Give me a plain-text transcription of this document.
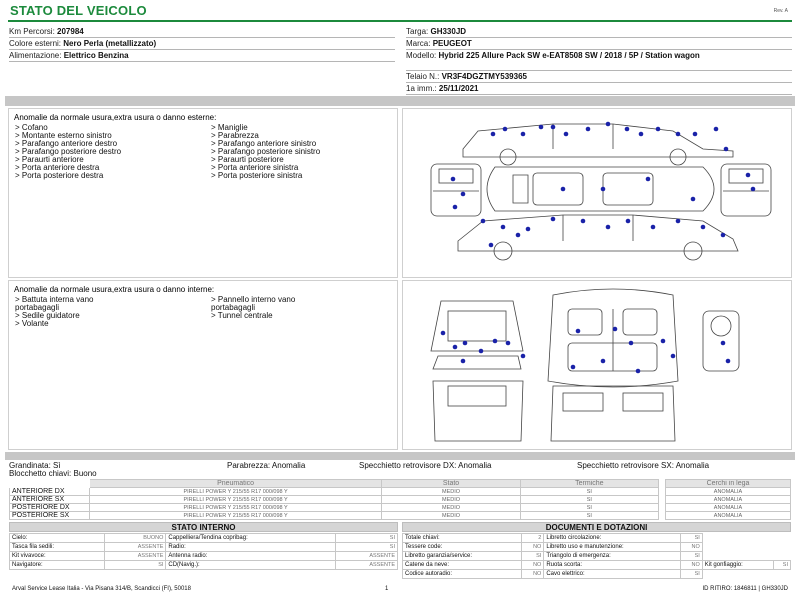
STATO DEL VEICOLO	Rev. A
Km Percorsi: 207984
Colore esterni: Nero Perla (metallizzato)
Alimentazione: Elettrico Benzina
Targa: GH330JD
Marca: PEUGEOT
Modello: Hybrid 225 Allure Pack SW e-EAT8508 SW / 2018 / 5P / Station wagon
Telaio N.: VR3F4DGZTMY539365
1a imm.: 25/11/2021
Anomalie da normale usura,extra usura o danno esterne:
> Cofano
> Montante esterno sinistro
> Parafango anteriore destro
> Parafango posteriore destro
> Paraurti anteriore
> Porta anteriore destra
> Porta posteriore destra
> Maniglie
> Parabrezza
> Parafango anteriore sinistro
> Parafango posteriore sinistro
> Paraurti posteriore
> Porta anteriore sinistra
> Porta posteriore sinistra
Anomalie da normale usura,extra usura o danno interne:
> Battuta interna vano
portabagagli
> Sedile guidatore
> Volante
> Pannello interno vano
portabagagli
> Tunnel centrale
Grandinata: Sì	Parabrezza: Anomalia	Specchietto retrovisore DX: Anomalia	Specchietto retrovisore SX: Anomalia
Blocchetto chiavi: Buono
	Pneumatico	Stato	Termiche
ANTERIORE DX	PIRELLI POWER Y 215/55 R17 000/098 Y	MEDIO	SI
ANTERIORE SX	PIRELLI POWER Y 215/55 R17 000/098 Y	MEDIO	SI
POSTERIORE DX	PIRELLI POWER Y 215/55 R17 000/098 Y	MEDIO	SI
POSTERIORE SX	PIRELLI POWER Y 215/55 R17 000/098 Y	MEDIO	SI
Cerchi in lega
ANOMALIA
ANOMALIA
ANOMALIA
ANOMALIA
STATO INTERNO
Cielo:	BUONO	Cappelliera/Tendina copribag:	SI
Tasca fila sedili:	ASSENTE	Radio:	SI
Kit vivavoce:	ASSENTE	Antenna radio:	ASSENTE
Navigatore:	SI	CD(Navig.):	ASSENTE
DOCUMENTI E DOTAZIONI
Totale chiavi:	2	Libretto circolazione:	SI		
Tessere code:	NO	Libretto uso e manutenzione:	NO		
Libretto garanzia/service:	SI	Triangolo di emergenza:	SI		
Catene da neve:	NO	Ruota scorta:	NO	Kit gonfiaggio:	SI
Codice autoradio:	NO	Cavo elettrico:	SI		
Arval Service Lease Italia - Via Pisana 314/B, Scandicci (FI), 50018	1	ID RITIRO: 1846811 | GH330JD
